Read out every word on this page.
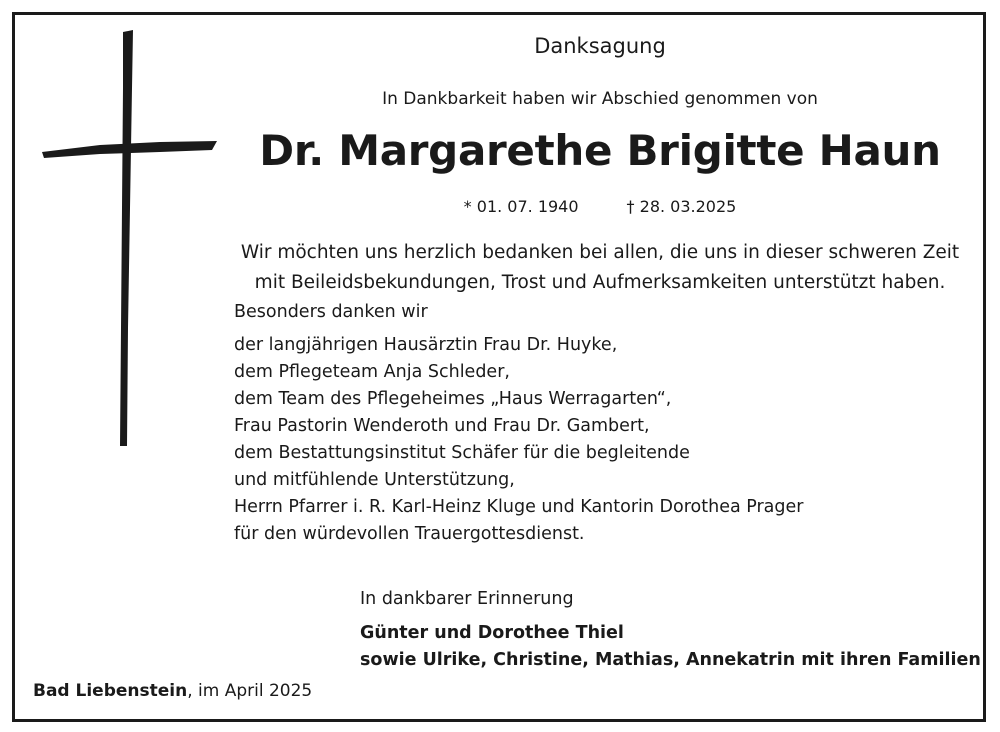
Danksagung
In Dankbarkeit haben wir Abschied genommen von
Dr. Margarethe Brigitte Haun
* 01. 07. 1940	† 28. 03.2025
Wir möchten uns herzlich bedanken bei allen, die uns in dieser schweren Zeit
mit Beileidsbekundungen, Trost und Aufmerksamkeiten unterstützt haben.
Besonders danken wir
der langjährigen Hausärztin Frau Dr. Huyke,
dem Pflegeteam Anja Schleder,
dem Team des Pflegeheimes „Haus Werragarten“,
Frau Pastorin Wenderoth und Frau Dr. Gambert,
dem Bestattungsinstitut Schäfer für die begleitende
und mitfühlende Unterstützung,
Herrn Pfarrer i. R. Karl-Heinz Kluge und Kantorin Dorothea Prager
für den würdevollen Trauergottesdienst.
In dankbarer Erinnerung
Günter und Dorothee Thiel
sowie Ulrike, Christine, Mathias, Annekatrin mit ihren Familien
Bad Liebenstein, im April 2025
